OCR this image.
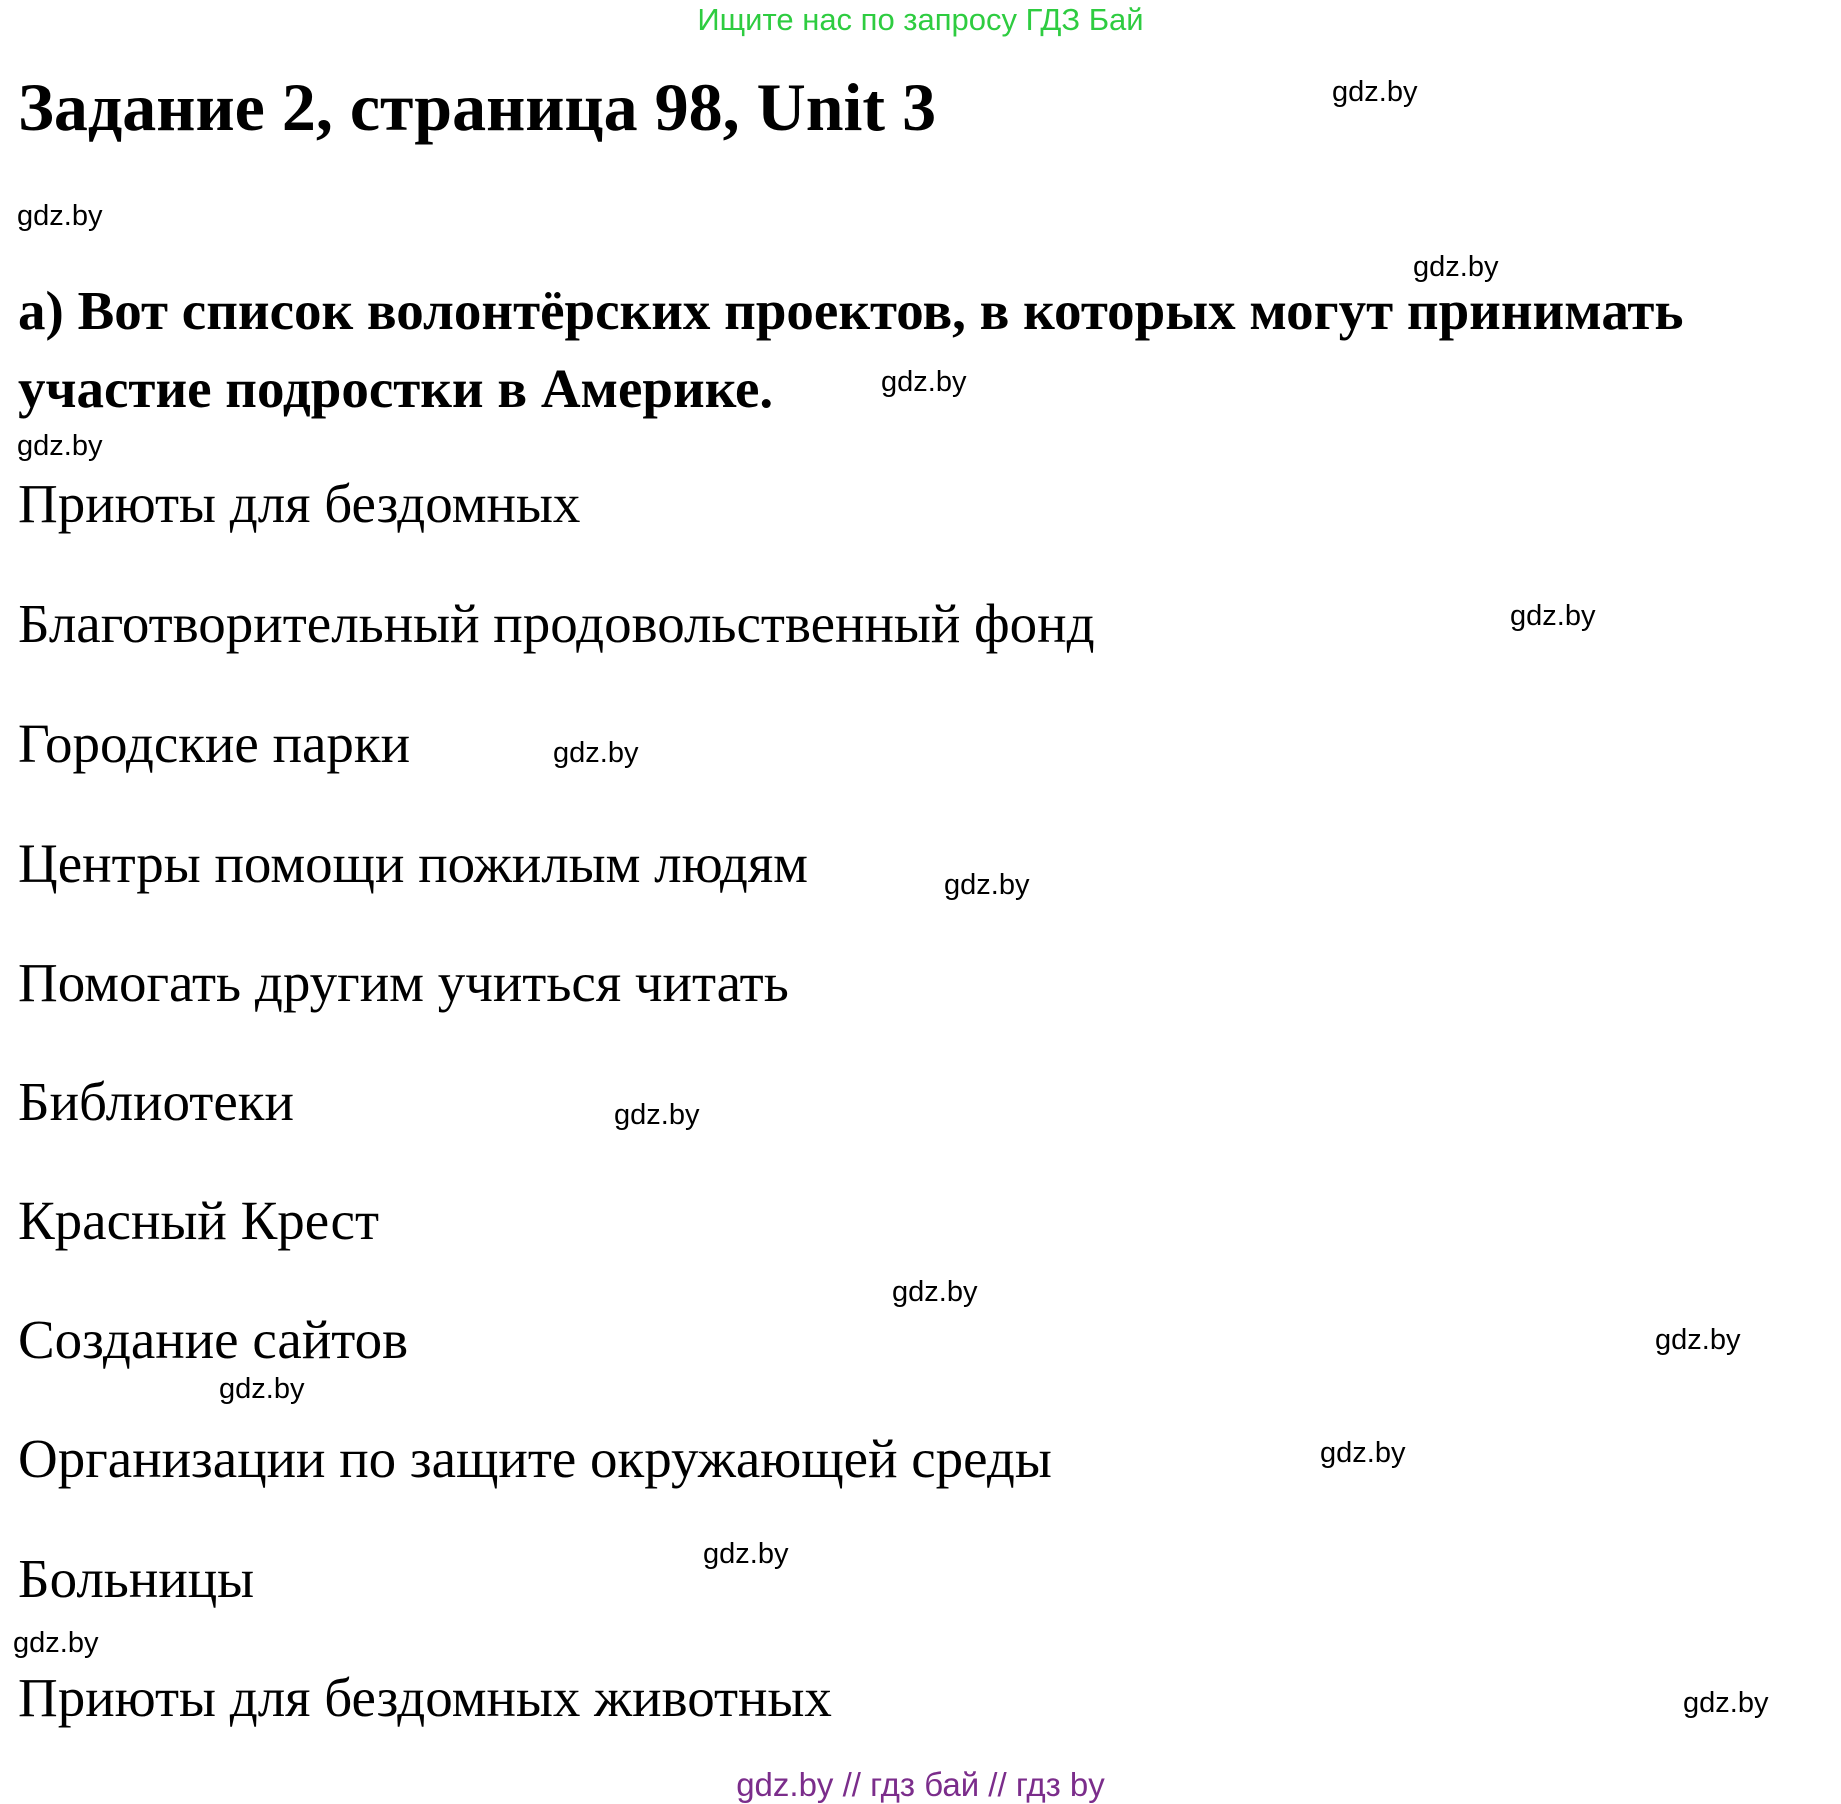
Ищите нас по запросу ГДЗ Бай
Задание 2, страница 98, Unit 3
а) Вот список волонтёрских проектов, в которых могут принимать участие подростки в Америке.
Приюты для бездомных
Благотворительный продовольственный фонд
Городские парки
Центры помощи пожилым людям
Помогать другим учиться читать
Библиотеки
Красный Крест
Создание сайтов
Организации по защите окружающей среды
Больницы
Приюты для бездомных животных
gdz.by
gdz.by
gdz.by
gdz.by
gdz.by
gdz.by
gdz.by
gdz.by
gdz.by
gdz.by
gdz.by
gdz.by
gdz.by
gdz.by
gdz.by
gdz.by
gdz.by // гдз бай // гдз by
